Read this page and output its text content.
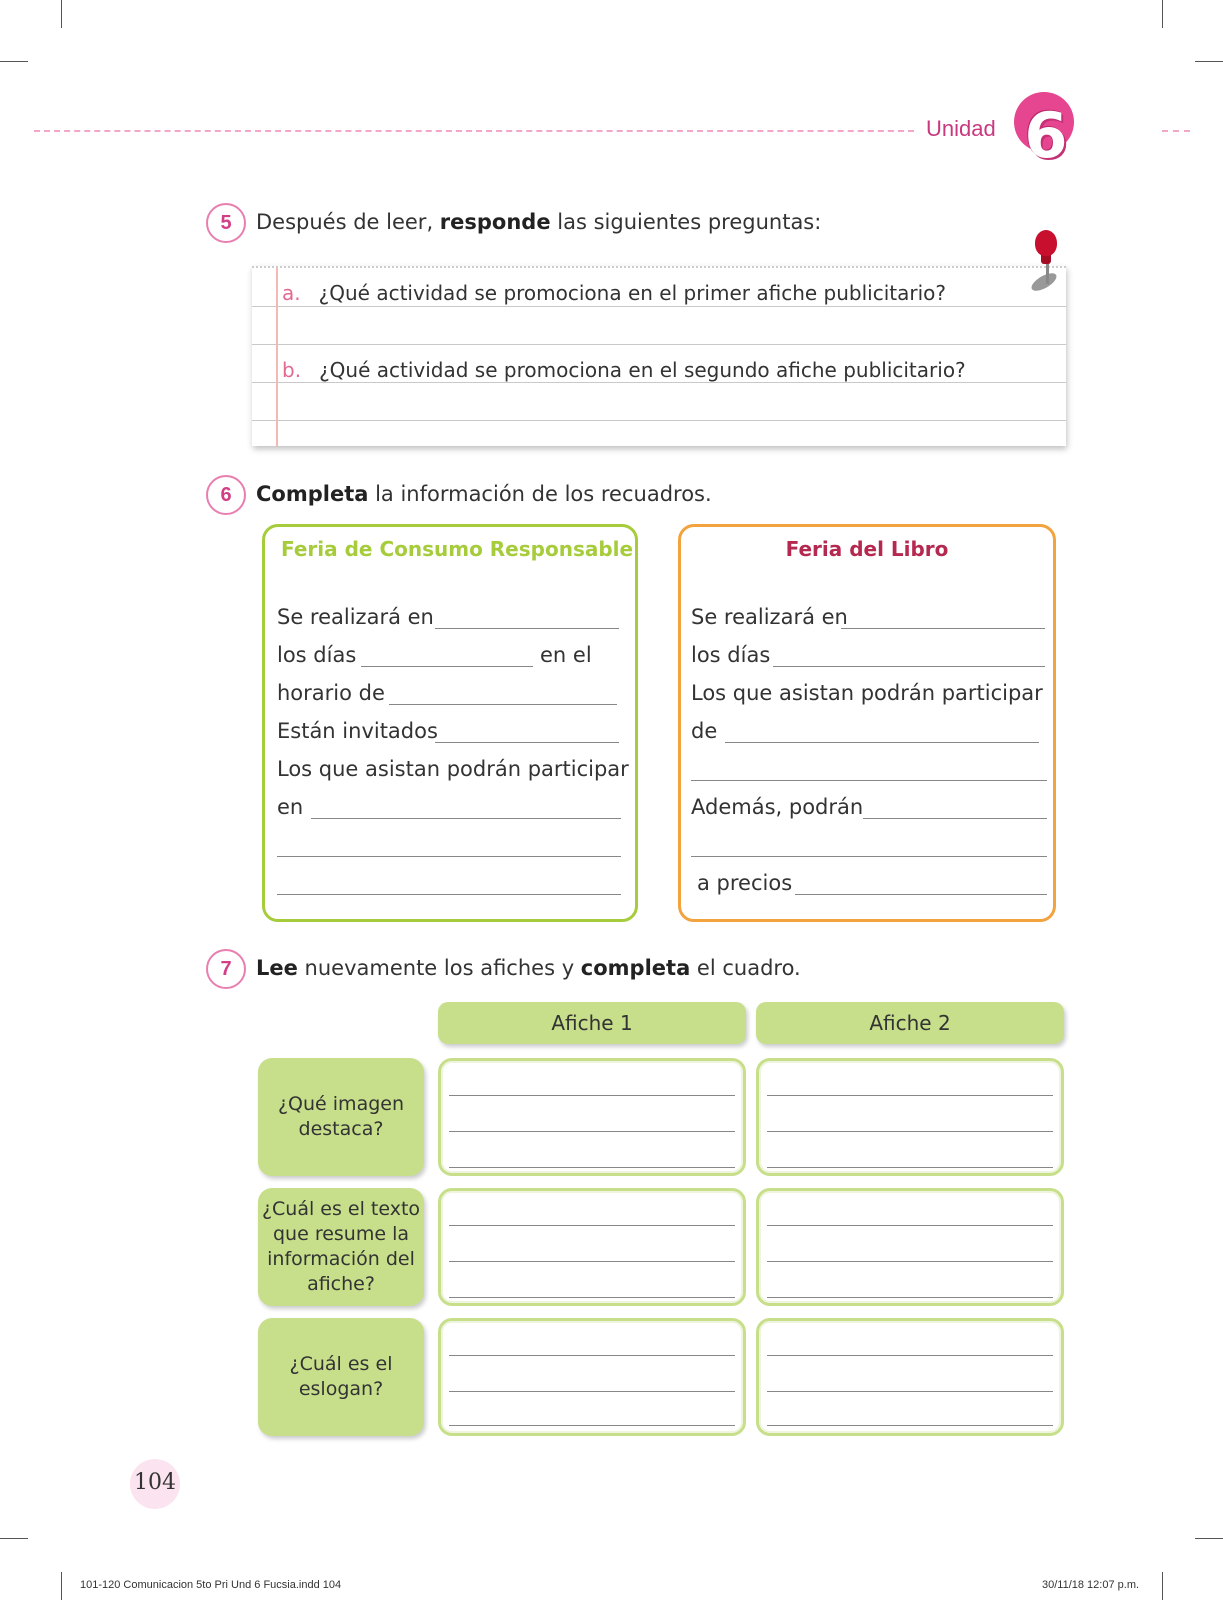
Unidad 6
5	Después de leer, responde las siguientes preguntas:
a. ¿Qué actividad se promociona en el primer afiche publicitario?
b. ¿Qué actividad se promociona en el segundo afiche publicitario?
6	Completa la información de los recuadros.
Feria de Consumo Responsable
Se realizará en
los días	en el
horario de
Están invitados
Los que asistan podrán participar
en
Feria del Libro
Se realizará en
los días
Los que asistan podrán participar
de
Además, podrán
a precios
7	Lee nuevamente los afiches y completa el cuadro.
Afiche 1	Afiche 2
¿Qué imagen destaca?
¿Cuál es el texto que resume la información del afiche?
¿Cuál es el eslogan?
104
101-120 Comunicacion 5to Pri Und 6 Fucsia.indd 104	30/11/18 12:07 p.m.
